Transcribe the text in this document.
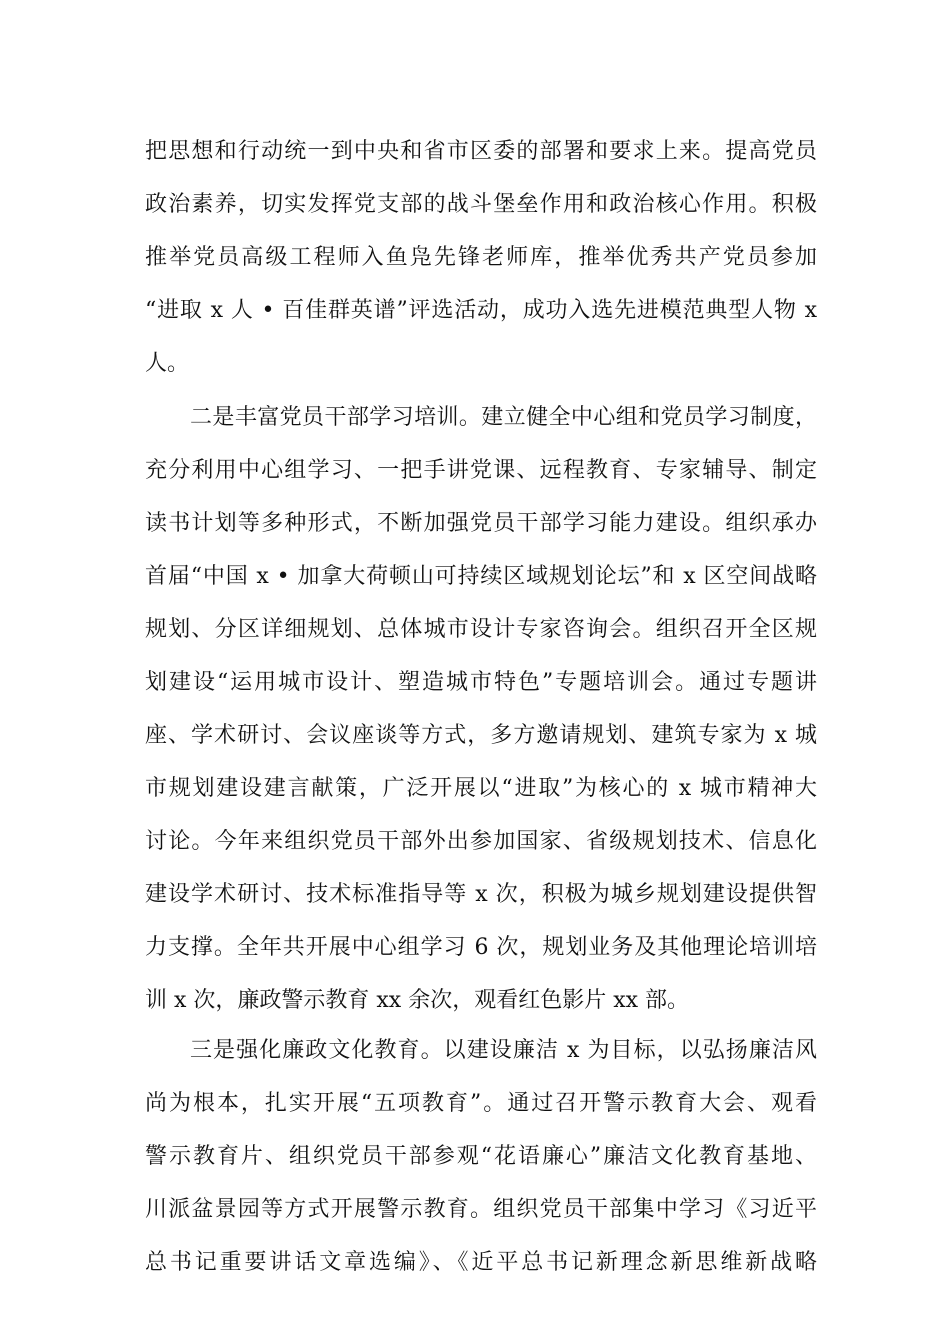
把思想和行动统一到中央和省市区委的部署和要求上来。提高党员
政治素养，切实发挥党支部的战斗堡垒作用和政治核心作用。积极
推举党员高级工程师入鱼凫先锋老师库，推举优秀共产党员参加
“进取 x 人 • 百佳群英谱”评选活动，成功入选先进模范典型人物 x
人。
二是丰富党员干部学习培训。建立健全中心组和党员学习制度，
充分利用中心组学习、一把手讲党课、远程教育、专家辅导、制定
读书计划等多种形式，不断加强党员干部学习能力建设。组织承办
首届“中国 x • 加拿大荷顿山可持续区域规划论坛”和 x 区空间战略
规划、分区详细规划、总体城市设计专家咨询会。组织召开全区规
划建设“运用城市设计、塑造城市特色”专题培训会。通过专题讲
座、学术研讨、会议座谈等方式，多方邀请规划、建筑专家为 x 城
市规划建设建言献策，广泛开展以“进取”为核心的 x 城市精神大
讨论。今年来组织党员干部外出参加国家、省级规划技术、信息化
建设学术研讨、技术标准指导等 x 次，积极为城乡规划建设提供智
力支撑。全年共开展中心组学习 6 次，规划业务及其他理论培训培
训 x 次，廉政警示教育 xx 余次，观看红色影片 xx 部。
三是强化廉政文化教育。以建设廉洁 x 为目标，以弘扬廉洁风
尚为根本，扎实开展“五项教育”。通过召开警示教育大会、观看
警示教育片、组织党员干部参观“花语廉心”廉洁文化教育基地、
川派盆景园等方式开展警示教育。组织党员干部集中学习《习近平
总书记重要讲话文章选编》、《近平总书记新理念新思维新战略
